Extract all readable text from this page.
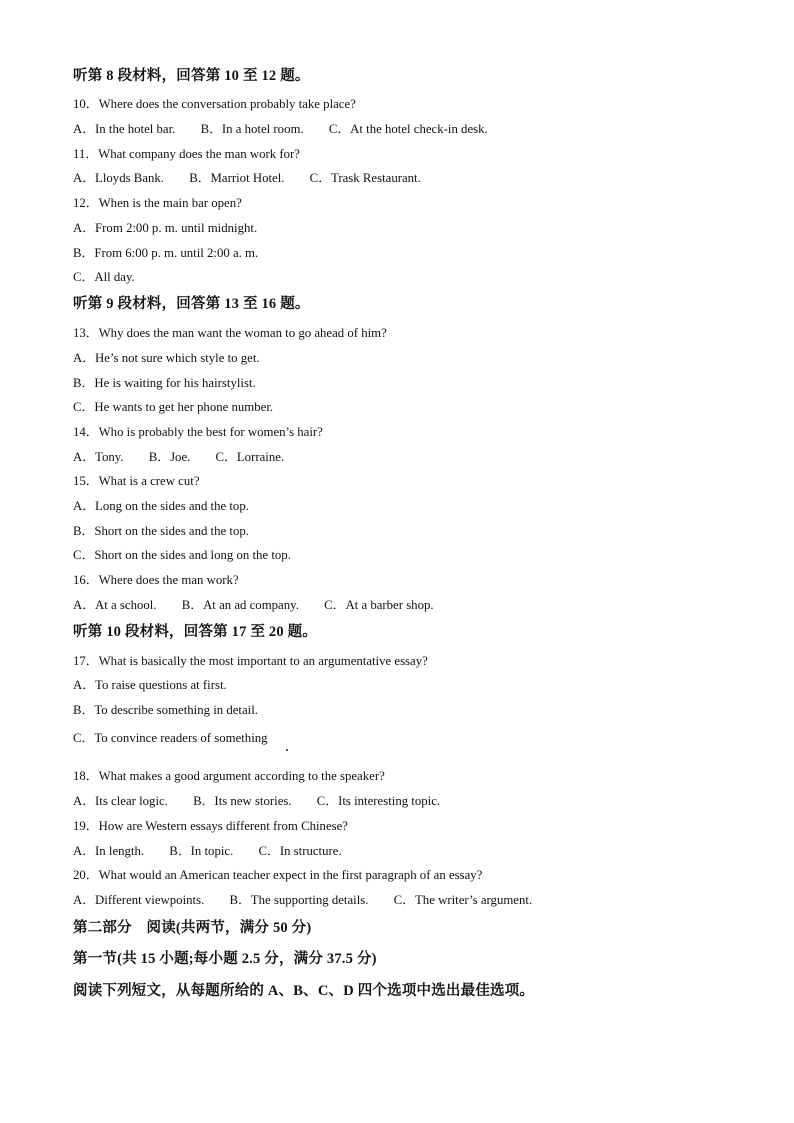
听第 8 段材料，回答第 10 至 12 题。
10．Where does the conversation probably take place?
A．In the hotel bar. B．In a hotel room. C．At the hotel check-in desk.
11．What company does the man work for?
A．Lloyds Bank. B．Marriot Hotel. C．Trask Restaurant.
12．When is the main bar open?
A．From 2:00 p. m. until midnight.
B．From 6:00 p. m. until 2:00 a. m.
C．All day.
听第 9 段材料，回答第 13 至 16 题。
13．Why does the man want the woman to go ahead of him?
A．He’s not sure which style to get.
B．He is waiting for his hairstylist.
C．He wants to get her phone number.
14．Who is probably the best for women’s hair?
A．Tony. B．Joe. C．Lorraine.
15．What is a crew cut?
A．Long on the sides and the top.
B．Short on the sides and the top.
C．Short on the sides and long on the top.
16．Where does the man work?
A．At a school. B．At an ad company. C．At a barber shop.
听第 10 段材料，回答第 17 至 20 题。
17．What is basically the most important to an argumentative essay?
A．To raise questions at first.
B．To describe something in detail.
C．To convince readers of something
18．What makes a good argument according to the speaker?
A．Its clear logic. B．Its new stories. C．Its interesting topic.
19．How are Western essays different from Chinese?
A．In length. B．In topic. C．In structure.
20．What would an American teacher expect in the first paragraph of an essay?
A．Different viewpoints. B．The supporting details. C．The writer’s argument.
第二部分　阅读(共两节，满分 50 分)
第一节(共 15 小题;每小题 2.5 分，满分 37.5 分)
阅读下列短文，从每题所给的 A、B、C、D 四个选项中选出最佳选项。
